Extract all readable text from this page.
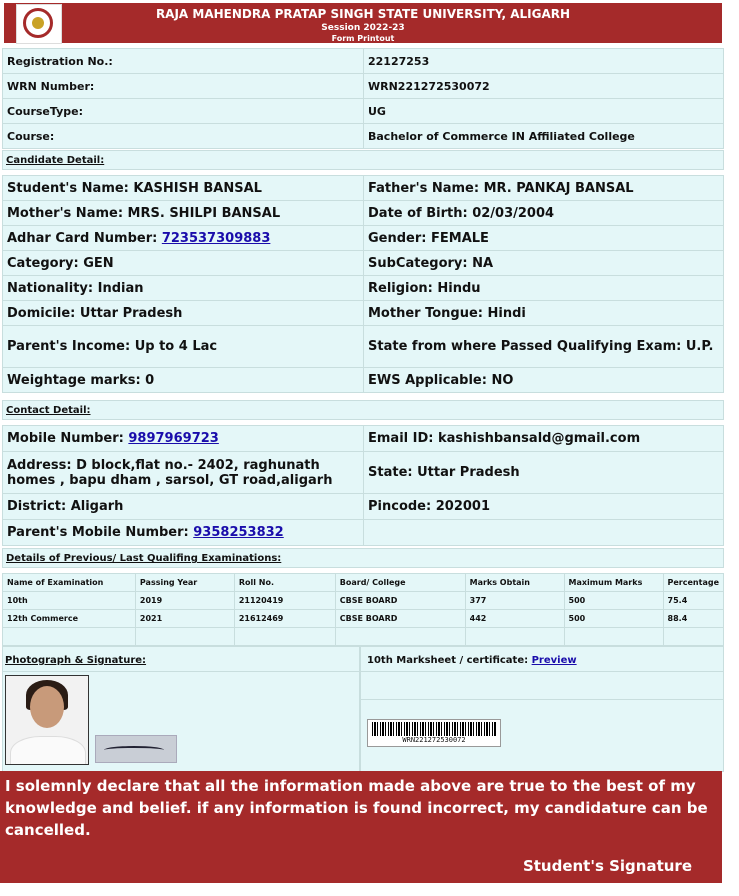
RAJA MAHENDRA PRATAP SINGH STATE UNIVERSITY, ALIGARH
Session 2022-23
Form Printout
Registration No.:	22127253
WRN Number:	WRN221272530072
CourseType:	UG
Course:	Bachelor of Commerce IN Affiliated College
Candidate Detail:
Student's Name: KASHISH BANSAL	Father's Name: MR. PANKAJ BANSAL
Mother's Name: MRS. SHILPI BANSAL	Date of Birth: 02/03/2004
Adhar Card Number: 723537309883	Gender: FEMALE
Category: GEN	SubCategory: NA
Nationality: Indian	Religion: Hindu
Domicile: Uttar Pradesh	Mother Tongue: Hindi
Parent's Income: Up to 4 Lac	State from where Passed Qualifying Exam: U.P.
Weightage marks: 0	EWS Applicable: NO
Contact Detail:
Mobile Number: 9897969723	Email ID: kashishbansald@gmail.com
Address: D block,flat no.- 2402, raghunath homes , bapu dham , sarsol, GT road,aligarh	State: Uttar Pradesh
District: Aligarh	Pincode: 202001
Parent's Mobile Number: 9358253832	
Details of Previous/ Last Qualifing Examinations:
Name of Examination	Passing Year	Roll No.	Board/ College	Marks Obtain	Maximum Marks	Percentage
10th	2019	21120419	CBSE BOARD	377	500	75.4
12th Commerce	2021	21612469	CBSE BOARD	442	500	88.4

Photograph & Signature:	10th Marksheet / certificate: Preview
WRN221272530072
I solemnly declare that all the information made above are true to the best of my knowledge and belief. if any information is found incorrect, my candidature can be cancelled.
Student's Signature
